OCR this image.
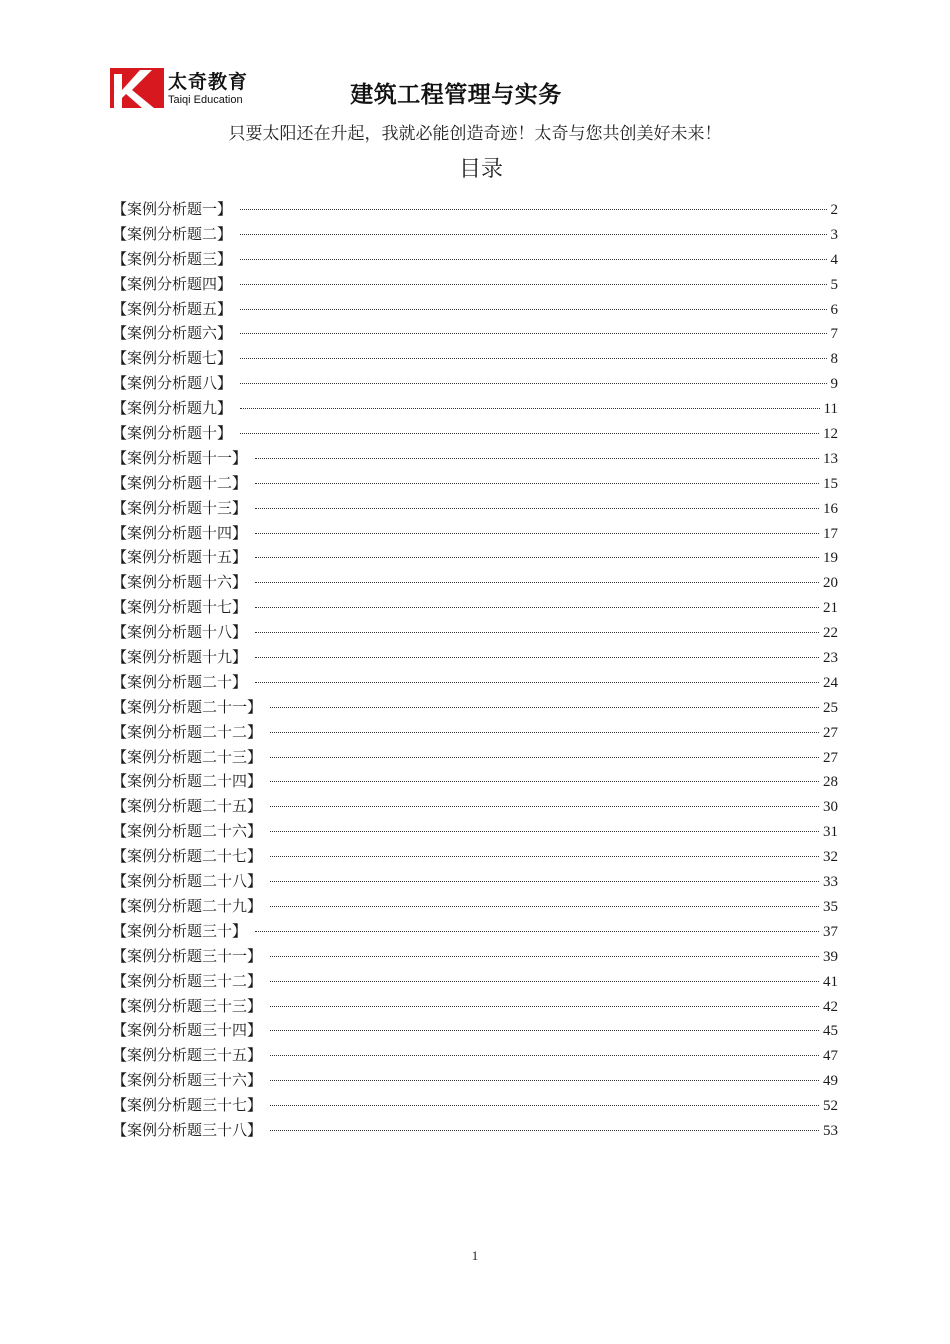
太奇教育
Taiqi Education	建筑工程管理与实务
只要太阳还在升起，我就必能创造奇迹！太奇与您共创美好未来！
目录
【案例分析题一】	2
【案例分析题二】	3
【案例分析题三】	4
【案例分析题四】	5
【案例分析题五】	6
【案例分析题六】	7
【案例分析题七】	8
【案例分析题八】	9
【案例分析题九】	11
【案例分析题十】	12
【案例分析题十一】	13
【案例分析题十二】	15
【案例分析题十三】	16
【案例分析题十四】	17
【案例分析题十五】	19
【案例分析题十六】	20
【案例分析题十七】	21
【案例分析题十八】	22
【案例分析题十九】	23
【案例分析题二十】	24
【案例分析题二十一】	25
【案例分析题二十二】	27
【案例分析题二十三】	27
【案例分析题二十四】	28
【案例分析题二十五】	30
【案例分析题二十六】	31
【案例分析题二十七】	32
【案例分析题二十八】	33
【案例分析题二十九】	35
【案例分析题三十】	37
【案例分析题三十一】	39
【案例分析题三十二】	41
【案例分析题三十三】	42
【案例分析题三十四】	45
【案例分析题三十五】	47
【案例分析题三十六】	49
【案例分析题三十七】	52
【案例分析题三十八】	53
1
